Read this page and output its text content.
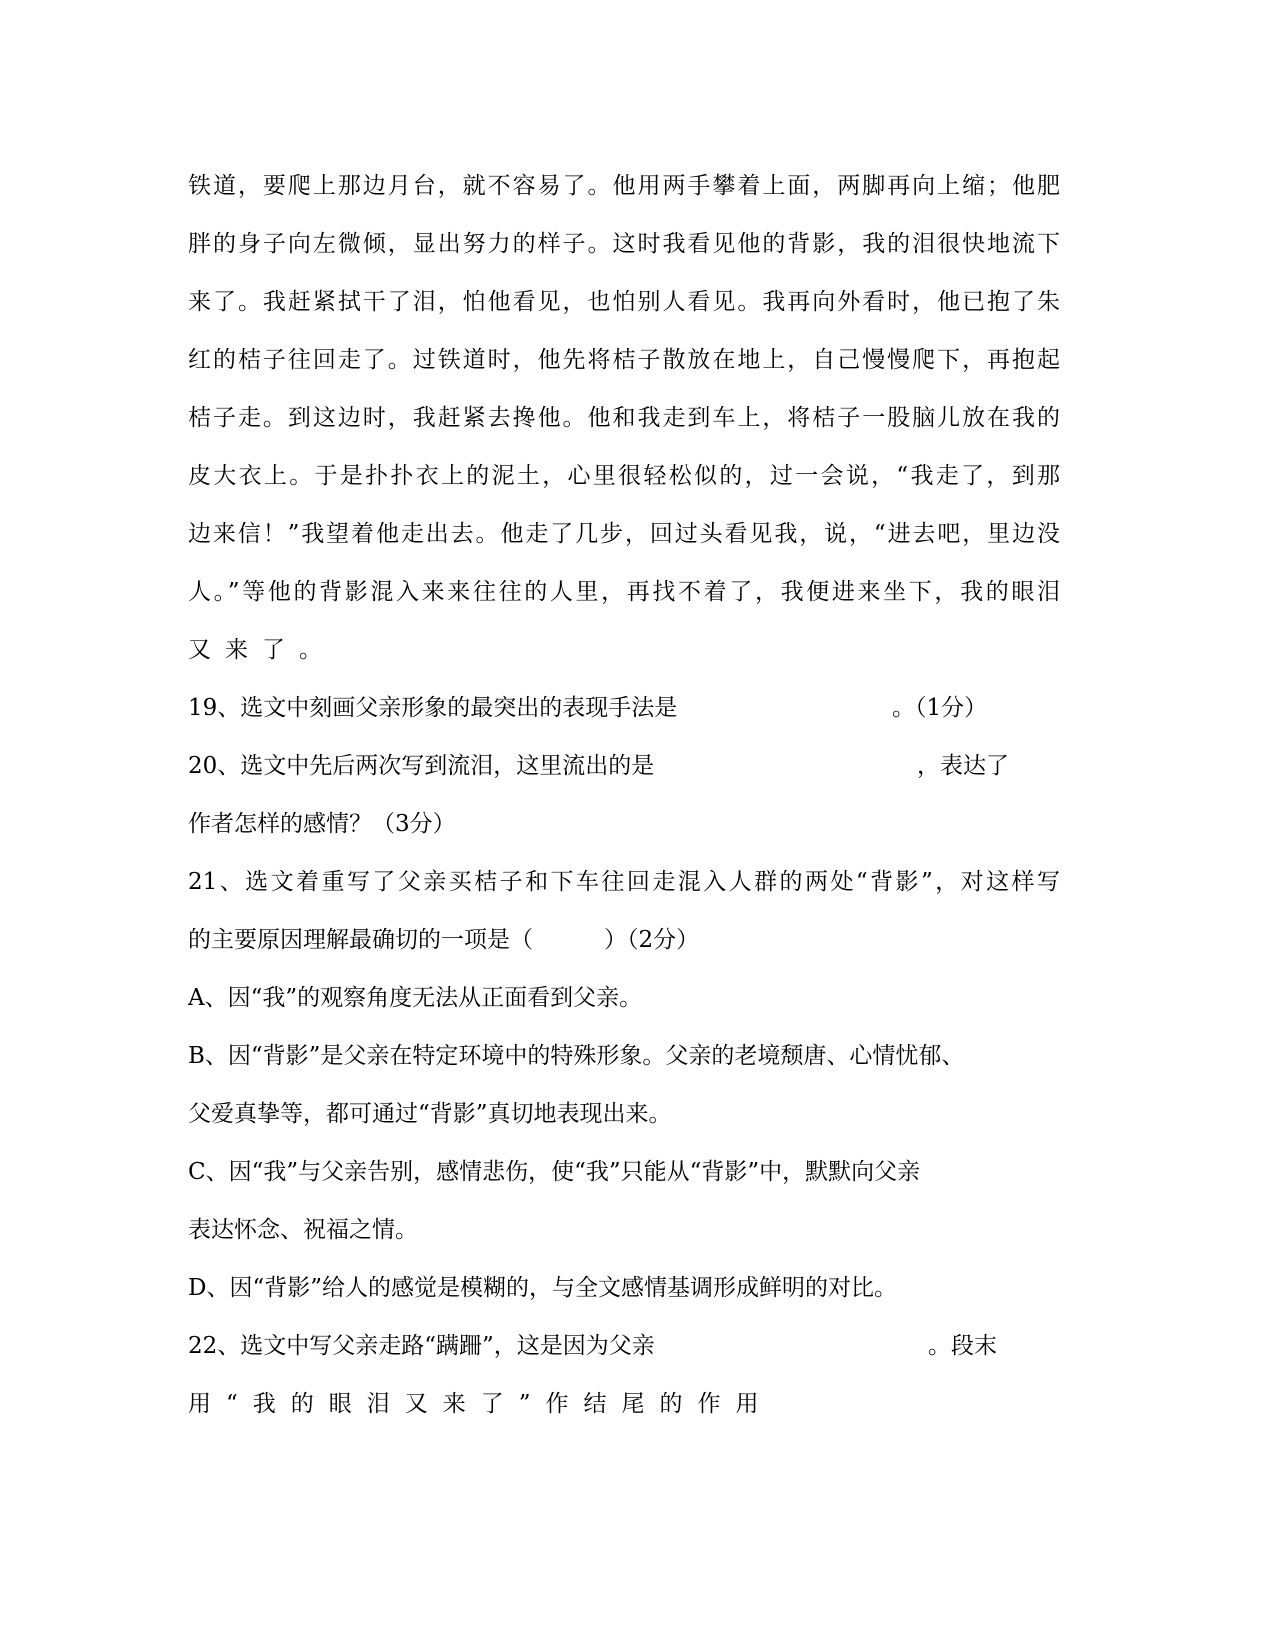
铁道，要爬上那边月台，就不容易了。他用两手攀着上面，两脚再向上缩；他肥
胖的身子向左微倾，显出努力的样子。这时我看见他的背影，我的泪很快地流下
来了。我赶紧拭干了泪，怕他看见，也怕别人看见。我再向外看时，他已抱了朱
红的桔子往回走了。过铁道时，他先将桔子散放在地上，自己慢慢爬下，再抱起
桔子走。到这边时，我赶紧去搀他。他和我走到车上，将桔子一股脑儿放在我的
皮大衣上。于是扑扑衣上的泥土，心里很轻松似的，过一会说，“我走了，到那
边来信！”我望着他走出去。他走了几步，回过头看见我，说，“进去吧，里边没
人。”等他的背影混入来来往往的人里，再找不着了，我便进来坐下，我的眼泪
又来了。
19、选文中刻画父亲形象的最突出的表现手法是	。（1分）
20、选文中先后两次写到流泪，这里流出的是	，表达了
作者怎样的感情？（3分）
21、选文着重写了父亲买桔子和下车往回走混入人群的两处“背影”，对这样写
的主要原因理解最确切的一项是（	）（2分）
A、因“我”的观察角度无法从正面看到父亲。
B、因“背影”是父亲在特定环境中的特殊形象。父亲的老境颓唐、心情忧郁、
父爱真挚等，都可通过“背影”真切地表现出来。
C、因“我”与父亲告别，感情悲伤，使“我”只能从“背影”中，默默向父亲
表达怀念、祝福之情。
D、因“背影”给人的感觉是模糊的，与全文感情基调形成鲜明的对比。
22、选文中写父亲走路“蹒跚”，这是因为父亲	。段末
用“我的眼泪又来了”作结尾的作用
